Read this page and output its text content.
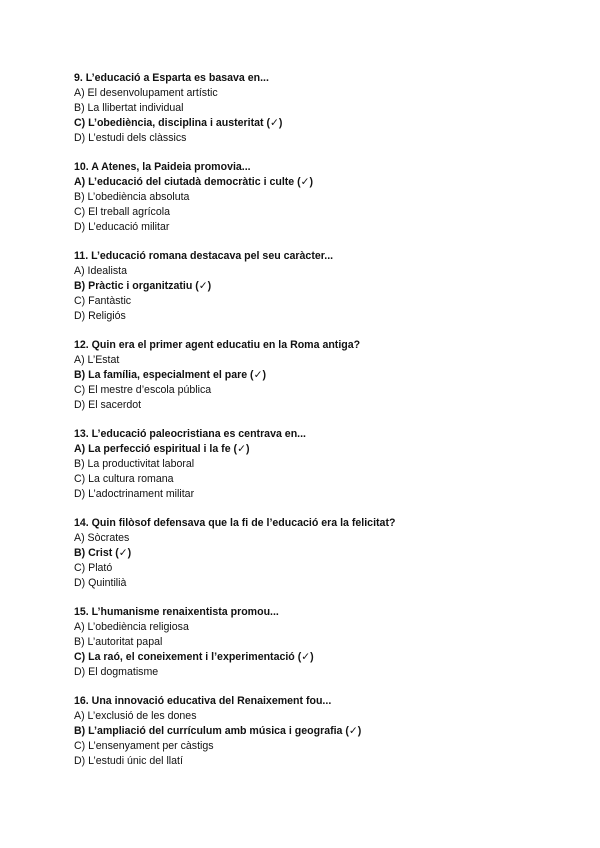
9. L’educació a Esparta es basava en...
A) El desenvolupament artístic
B) La llibertat individual
C) L’obediència, disciplina i austeritat (✓)
D) L’estudi dels clàssics
10. A Atenes, la Paideia promovia...
A) L’educació del ciutadà democràtic i culte (✓)
B) L’obediència absoluta
C) El treball agrícola
D) L’educació militar
11. L’educació romana destacava pel seu caràcter...
A) Idealista
B) Pràctic i organitzatiu (✓)
C) Fantàstic
D) Religiós
12. Quin era el primer agent educatiu en la Roma antiga?
A) L’Estat
B) La família, especialment el pare (✓)
C) El mestre d’escola pública
D) El sacerdot
13. L’educació paleocristiana es centrava en...
A) La perfecció espiritual i la fe (✓)
B) La productivitat laboral
C) La cultura romana
D) L’adoctrinament militar
14. Quin filòsof defensava que la fi de l’educació era la felicitat?
A) Sòcrates
B) Crist (✓)
C) Plató
D) Quintilià
15. L’humanisme renaixentista promou...
A) L’obediència religiosa
B) L’autoritat papal
C) La raó, el coneixement i l’experimentació (✓)
D) El dogmatisme
16. Una innovació educativa del Renaixement fou...
A) L’exclusió de les dones
B) L’ampliació del currículum amb música i geografia (✓)
C) L’ensenyament per càstigs
D) L’estudi únic del llatí
